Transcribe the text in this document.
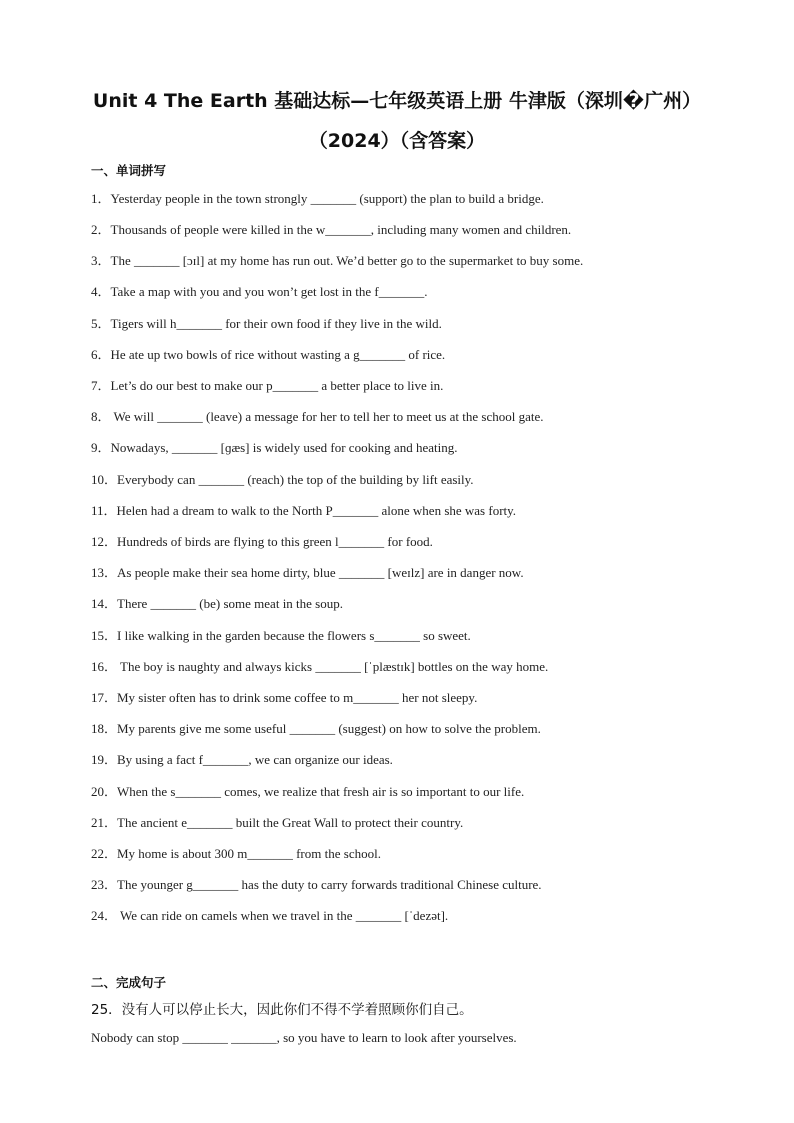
Unit 4 The Earth 基础达标—七年级英语上册 牛津版（深圳�广州）
（2024）（含答案）
一、单词拼写
1．Yesterday people in the town strongly _______ (support) the plan to build a bridge.
2．Thousands of people were killed in the w_______, including many women and children.
3．The _______ [ɔɪl] at my home has run out. We’d better go to the supermarket to buy some.
4．Take a map with you and you won’t get lost in the f_______.
5．Tigers will h_______ for their own food if they live in the wild.
6．He ate up two bowls of rice without wasting a g_______ of rice.
7．Let’s do our best to make our p_______ a better place to live in.
8． We will _______ (leave) a message for her to tell her to meet us at the school gate.
9．Nowadays, _______ [ɡæs] is widely used for cooking and heating.
10．Everybody can _______ (reach) the top of the building by lift easily.
11．Helen had a dream to walk to the North P_______ alone when she was forty.
12．Hundreds of birds are flying to this green l_______ for food.
13．As people make their sea home dirty, blue _______ [weɪlz] are in danger now.
14．There _______ (be) some meat in the soup.
15．I like walking in the garden because the flowers s_______ so sweet.
16． The boy is naughty and always kicks _______ [ˈplæstɪk] bottles on the way home.
17．My sister often has to drink some coffee to m_______ her not sleepy.
18．My parents give me some useful _______ (suggest) on how to solve the problem.
19．By using a fact f_______, we can organize our ideas.
20．When the s_______ comes, we realize that fresh air is so important to our life.
21．The ancient e_______ built the Great Wall to protect their country.
22．My home is about 300 m_______ from the school.
23．The younger g_______ has the duty to carry forwards traditional Chinese culture.
24． We can ride on camels when we travel in the _______ [ˈdezət].
二、完成句子
25．没有人可以停止长大，因此你们不得不学着照顾你们自己。
Nobody can stop _______ _______, so you have to learn to look after yourselves.
